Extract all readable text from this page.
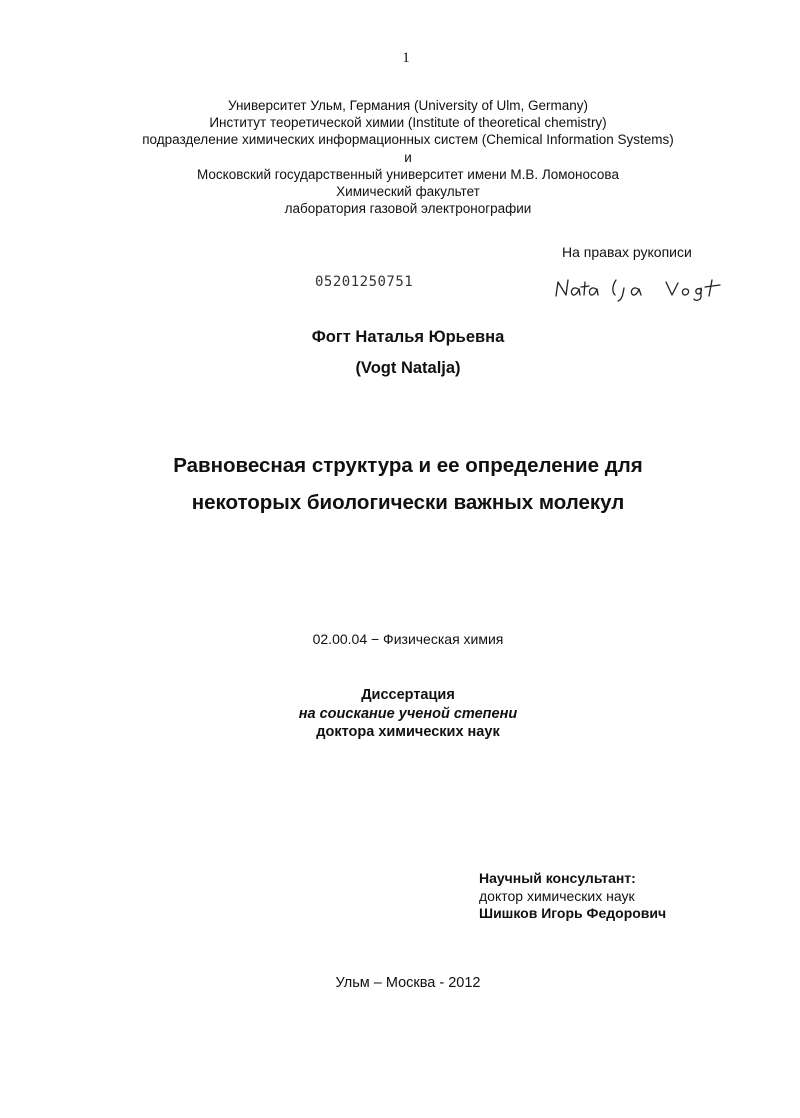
1
Университет Ульм, Германия (University of Ulm, Germany)
Институт теоретической химии (Institute of theoretical chemistry)
подразделение химических информационных систем (Chemical Information Systems)
и
Московский государственный университет имени М.В. Ломоносова
Химический факультет
лаборатория газовой электронографии
На правах рукописи
05201250751
Фогт Наталья Юрьевна
(Vogt Natalja)
Равновесная структура и ее определение для
некоторых биологически важных молекул
02.00.04 − Физическая химия
Диссертация
на соискание ученой степени
доктора химических наук
Научный консультант:
доктор химических наук
Шишков Игорь Федорович
Ульм – Москва - 2012
